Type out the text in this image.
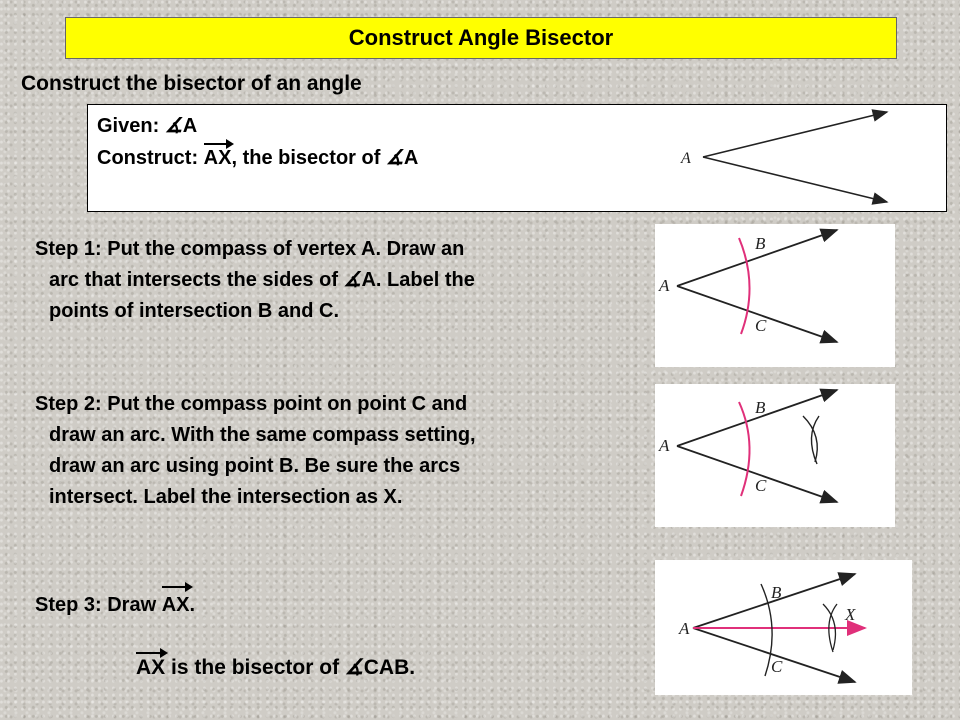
Construct Angle Bisector
Construct the bisector of an angle
Given: ∡A
Construct: AX, the bisector of ∡A	A
Step 1: Put the compass of vertex A. Draw an
arc that intersects the sides of ∡A. Label the
points of intersection B and C.
A
B
C
Step 2: Put the compass point on point C and
draw an arc. With the same compass setting,
draw an arc using point B. Be sure the arcs
intersect. Label the intersection as X.
A
B
C
Step 3: Draw AX.
A
B
C
X
AX is the bisector of ∡CAB.
